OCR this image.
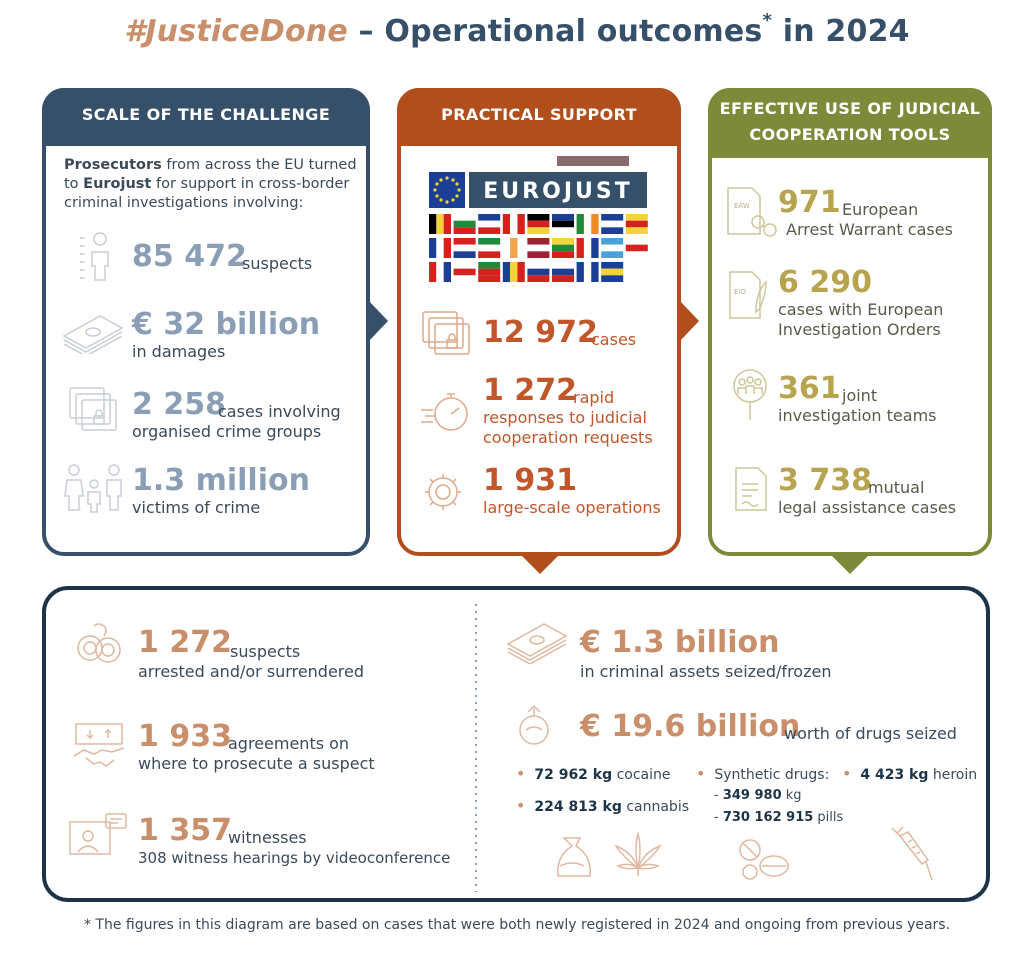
#JusticeDone – Operational outcomes* in 2024
SCALE OF THE CHALLENGE
Prosecutors from across the EU turned
to Eurojust for support in cross-border
criminal investigations involving:
85 472
suspects
€ 32 billion
in damages
2 258
cases involving
organised crime groups
1.3 million
victims of crime
PRACTICAL SUPPORT
EUROJUST
12 972
cases
1 272
rapid
responses to judicial
cooperation requests
1 931
large-scale operations
EFFECTIVE USE OF JUDICIAL
COOPERATION TOOLS
EAW 971 European
Arrest Warrant cases
EIO 6 290
cases with European
Investigation Orders
361 joint
investigation teams
3 738
mutual
legal assistance cases
1 272
suspects
arrested and/or surrendered
1 933
agreements on
where to prosecute a suspect
1 357
witnesses
308 witness hearings by videoconference
€ 1.3 billion
in criminal assets seized/frozen
€ 19.6 billion
worth of drugs seized
• 72 962 kg cocaine
• 224 813 kg cannabis
• Synthetic drugs:
- 349 980 kg
- 730 162 915 pills
• 4 423 kg heroin
* The figures in this diagram are based on cases that were both newly registered in 2024 and ongoing from previous years.
